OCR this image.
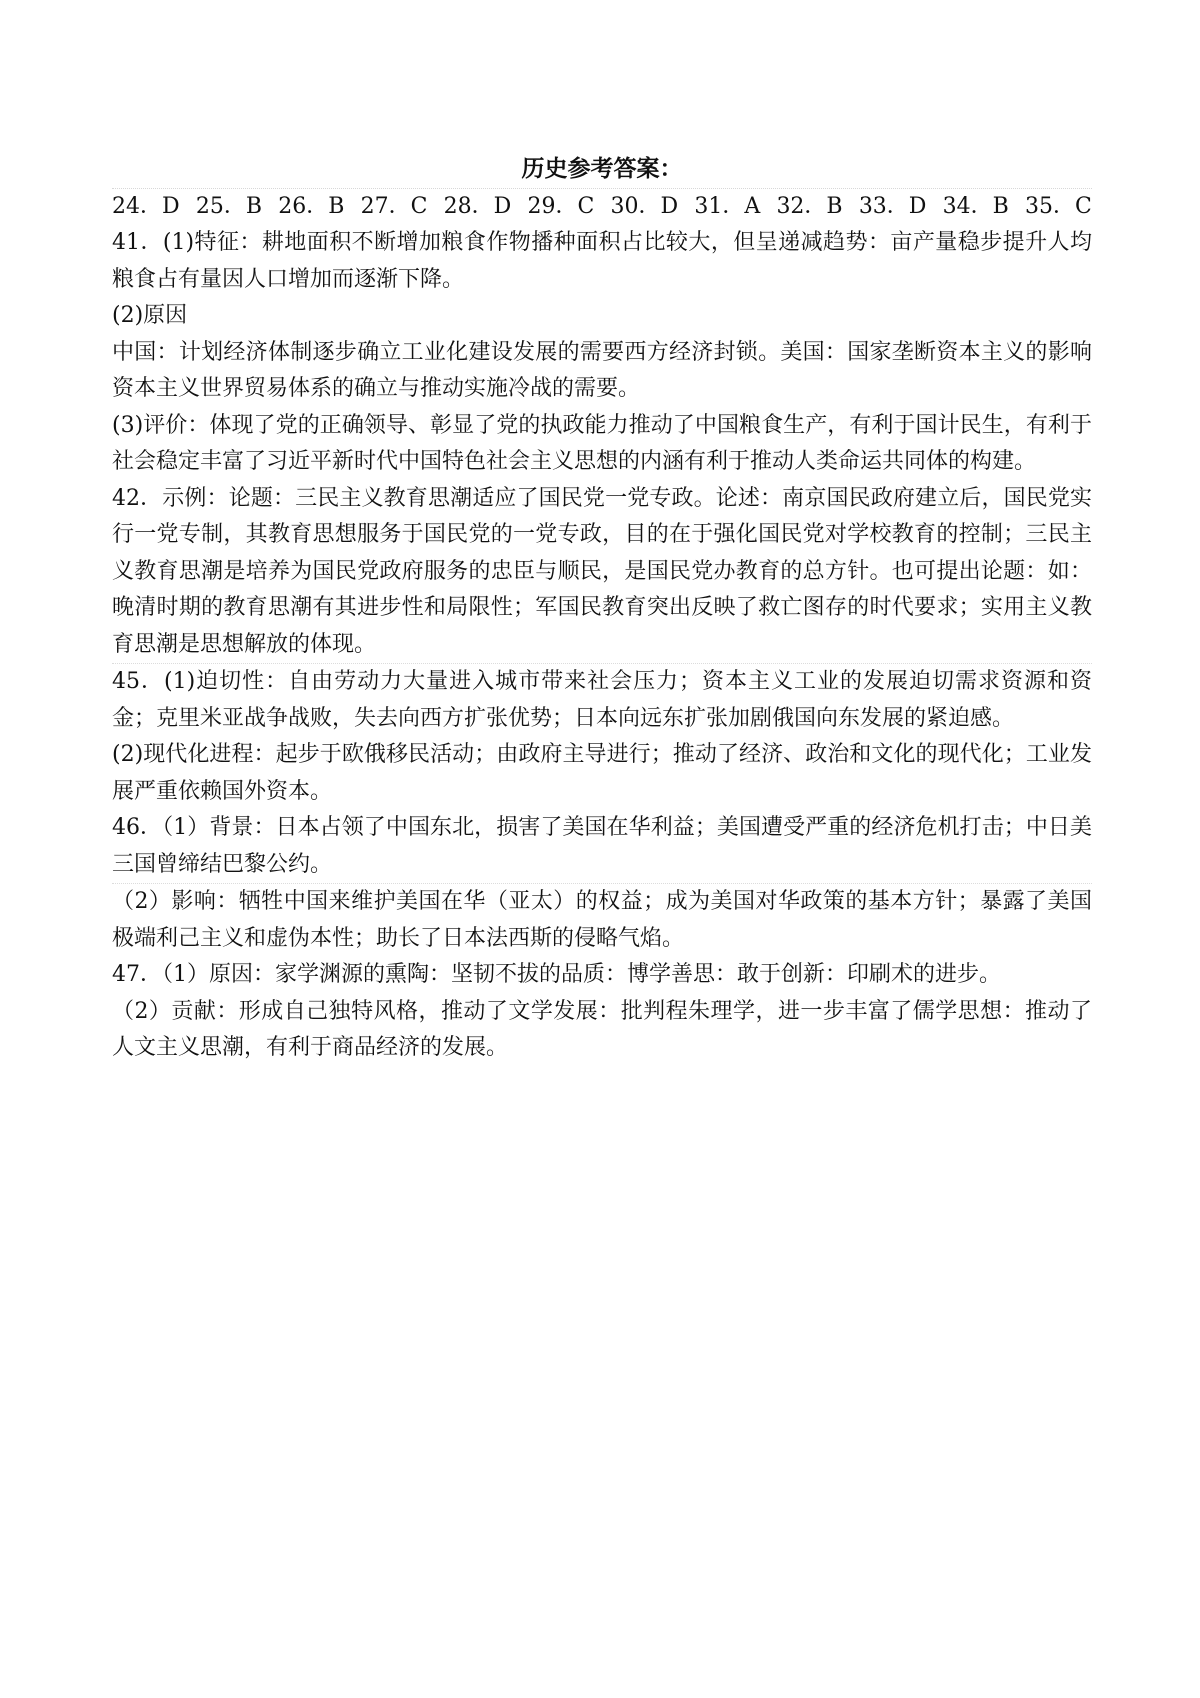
历史参考答案：
24．D 25．B 26．B 27．C 28．D 29．C 30．D 31．A 32．B 33．D 34．B 35．C

41．(1)特征：耕地面积不断增加粮食作物播种面积占比较大，但呈递减趋势：亩产量稳步提升人均粮食占有量因人口增加而逐渐下降。

(2)原因

中国：计划经济体制逐步确立工业化建设发展的需要西方经济封锁。美国：国家垄断资本主义的影响资本主义世界贸易体系的确立与推动实施冷战的需要。

(3)评价：体现了党的正确领导、彰显了党的执政能力推动了中国粮食生产，有利于国计民生，有利于社会稳定丰富了习近平新时代中国特色社会主义思想的内涵有利于推动人类命运共同体的构建。

42．示例：论题：三民主义教育思潮适应了国民党一党专政。论述：南京国民政府建立后，国民党实行一党专制，其教育思想服务于国民党的一党专政，目的在于强化国民党对学校教育的控制；三民主义教育思潮是培养为国民党政府服务的忠臣与顺民，是国民党办教育的总方针。也可提出论题：如：晚清时期的教育思潮有其进步性和局限性；军国民教育突出反映了救亡图存的时代要求；实用主义教育思潮是思想解放的体现。

45．(1)迫切性：自由劳动力大量进入城市带来社会压力；资本主义工业的发展迫切需求资源和资金；克里米亚战争战败，失去向西方扩张优势；日本向远东扩张加剧俄国向东发展的紧迫感。

(2)现代化进程：起步于欧俄移民活动；由政府主导进行；推动了经济、政治和文化的现代化；工业发展严重依赖国外资本。

46．（1）背景：日本占领了中国东北，损害了美国在华利益；美国遭受严重的经济危机打击；中日美三国曾缔结巴黎公约。

（2）影响：牺牲中国来维护美国在华（亚太）的权益；成为美国对华政策的基本方针；暴露了美国极端利己主义和虚伪本性；助长了日本法西斯的侵略气焰。

47．（1）原因：家学渊源的熏陶：坚韧不拔的品质：博学善思：敢于创新：印刷术的进步。

（2）贡献：形成自己独特风格，推动了文学发展：批判程朱理学，进一步丰富了儒学思想：推动了人文主义思潮，有利于商品经济的发展。
